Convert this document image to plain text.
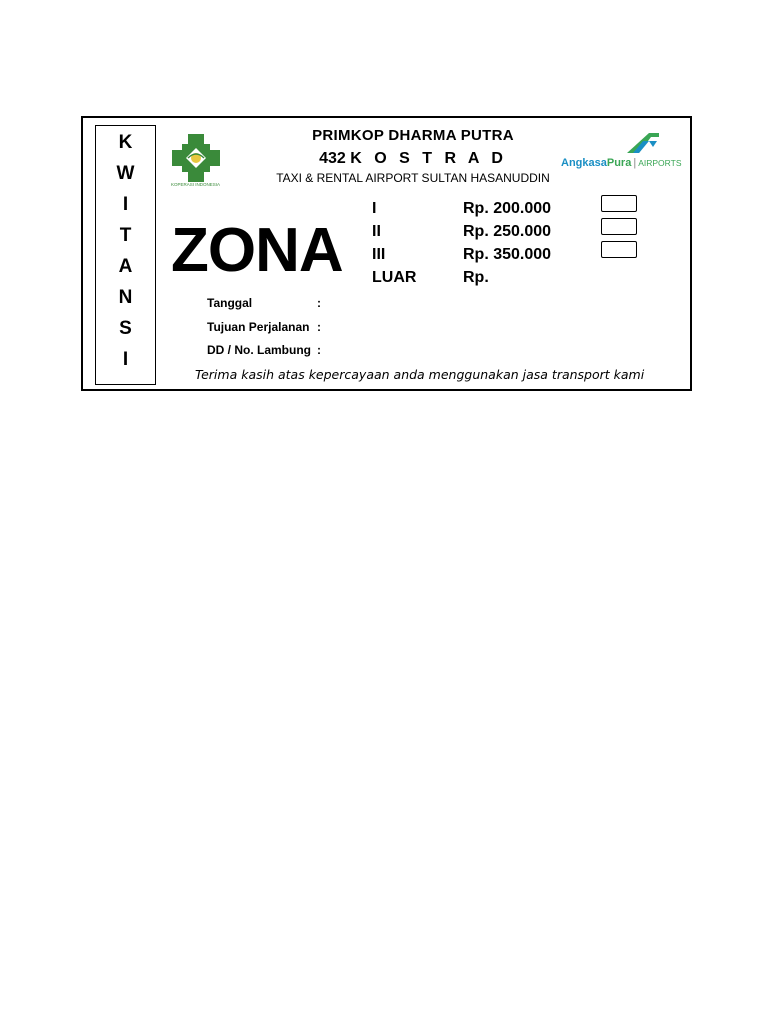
K
W
I
T
A
N
S
I
KOPERASI INDONESIA
PRIMKOP DHARMA PUTRA
432 K O S T R A D
TAXI & RENTAL AIRPORT SULTAN HASANUDDIN
AngkasaPura | AIRPORTS
ZONA
I	Rp. 200.000
II	Rp. 250.000
III	Rp. 350.000
LUAR	Rp.
Tanggal	:
Tujuan Perjalanan :
DD / No. Lambung :
Terima kasih atas kepercayaan anda menggunakan jasa transport kami
